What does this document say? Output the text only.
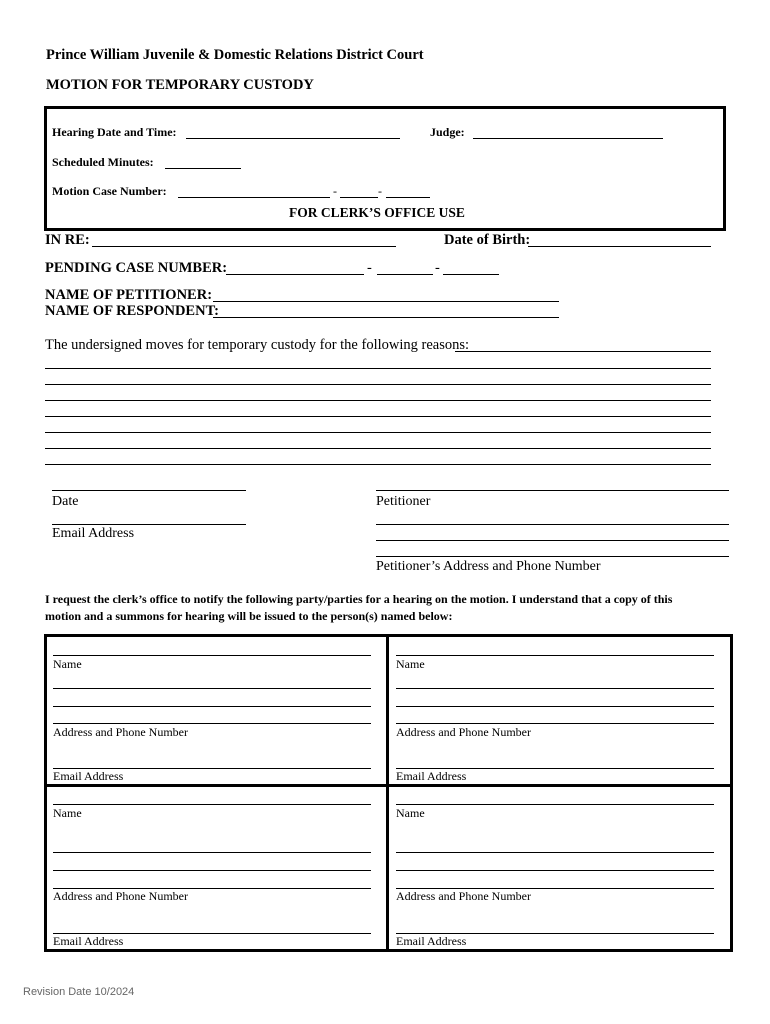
Prince William Juvenile & Domestic Relations District Court
MOTION FOR TEMPORARY CUSTODY
Hearing Date and Time:	Judge:
Scheduled Minutes:
Motion Case Number:	-	-
FOR CLERK’S OFFICE USE
IN RE:	Date of Birth:
PENDING CASE NUMBER:	-	-
NAME OF PETITIONER:
NAME OF RESPONDENT:
The undersigned moves for temporary custody for the following reasons:
Date
Email Address
Petitioner
Petitioner’s Address and Phone Number
I request the clerk’s office to notify the following party/parties for a hearing on the motion. I understand that a copy of this
motion and a summons for hearing will be issued to the person(s) named below:
Name
Address and Phone Number
Email Address
Name
Address and Phone Number
Email Address
Name
Address and Phone Number
Email Address
Name
Address and Phone Number
Email Address
Revision Date 10/2024
